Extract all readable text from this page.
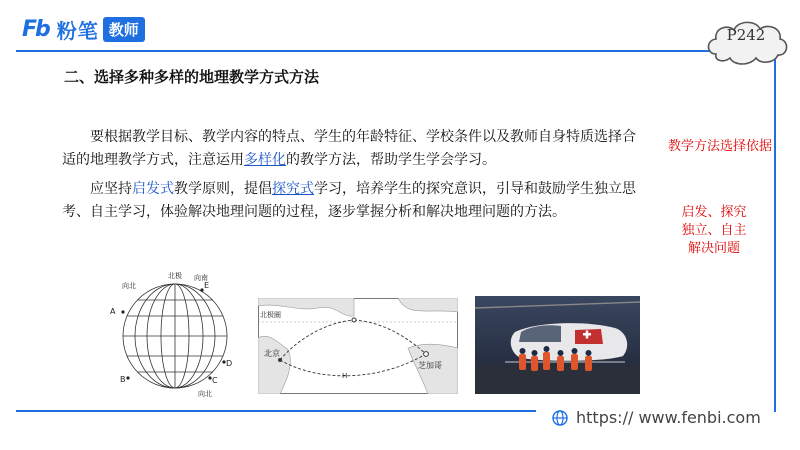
Fb 粉笔 教师	P242
二、选择多种多样的地理教学方式方法

要根据教学目标、教学内容的特点、学生的年龄特征、学校条件以及教师自身特质选择合适的地理教学方式，注意运用多样化的教学方法，帮助学生学会学习。

应坚持启发式教学原则，提倡探究式学习，培养学生的探究意识，引导和鼓励学生独立思考、自主学习，体验解决地理问题的过程，逐步掌握分析和解决地理问题的方法。

教学方法选择依据
启发、探究
独立、自主
解决问题
北极
向北
向南
向北
A
B	C
D
E
北极圈
北京
芝加哥
H
https:// www.fenbi.com
